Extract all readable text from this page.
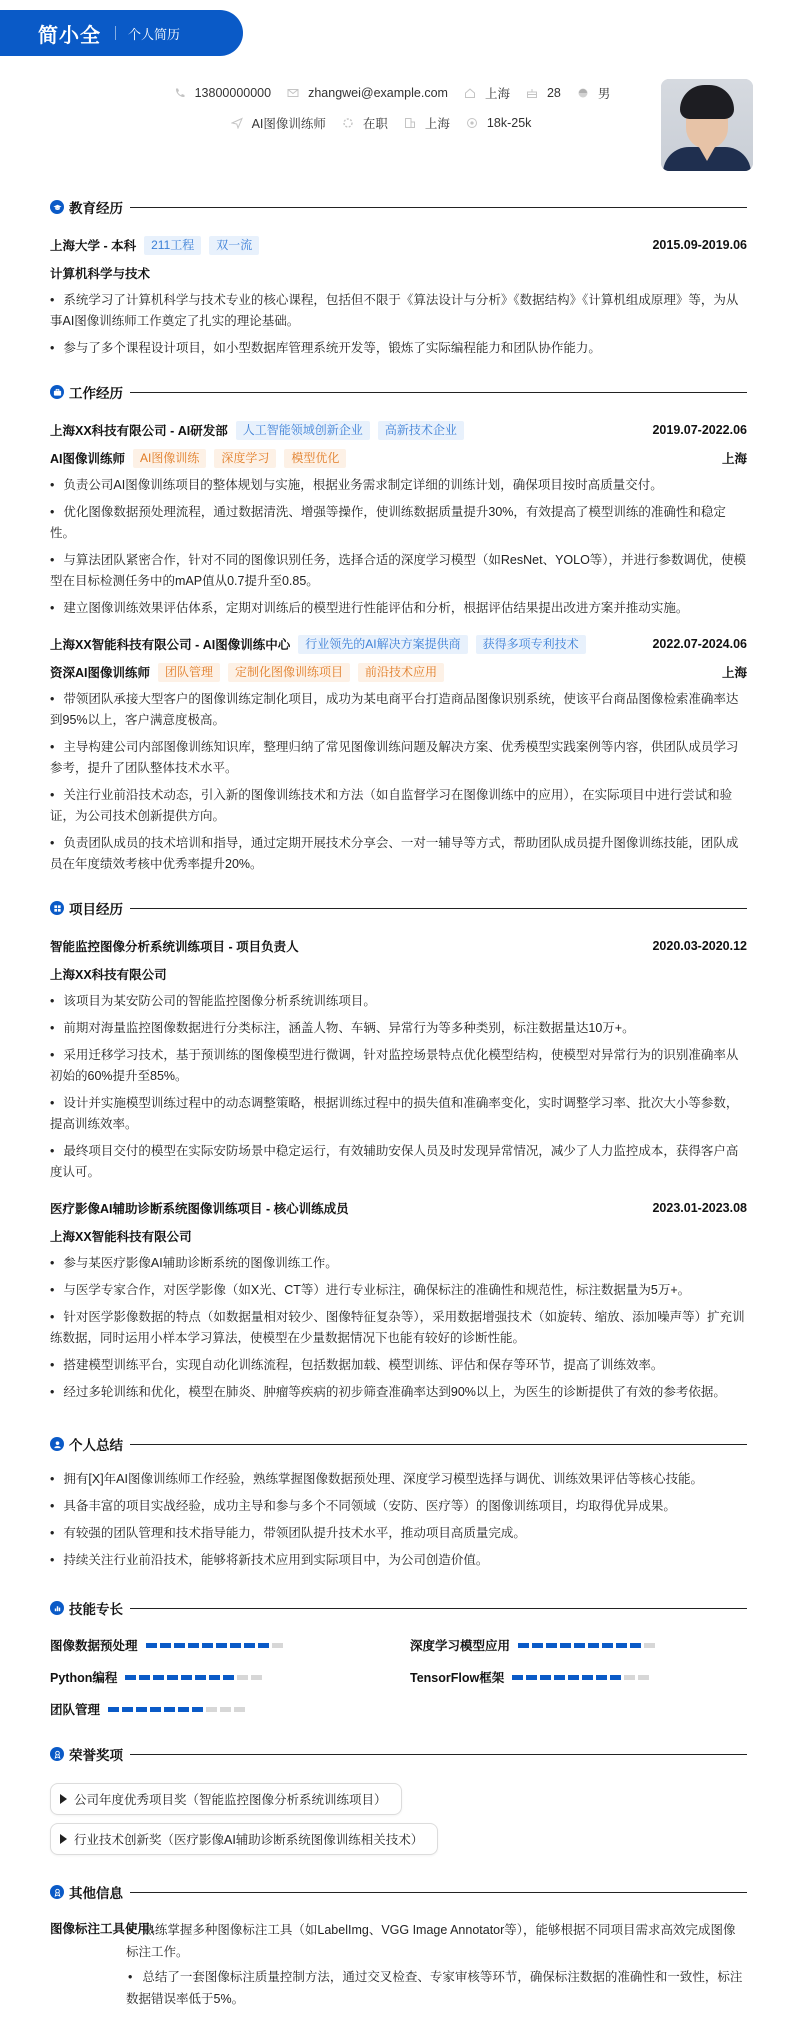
简小全 个人简历
13800000000	zhangwei@example.com	上海	28	男
AI图像训练师	在职	上海	18k-25k
教育经历
上海大学 - 本科	211工程	双一流	2015.09-2019.06
计算机科学与技术
• 系统学习了计算机科学与技术专业的核心课程，包括但不限于《算法设计与分析》《数据结构》《计算机组成原理》等，为从事AI图像训练师工作奠定了扎实的理论基础。
• 参与了多个课程设计项目，如小型数据库管理系统开发等，锻炼了实际编程能力和团队协作能力。
工作经历
上海XX科技有限公司 - AI研发部	人工智能领域创新企业	高新技术企业	2019.07-2022.06
AI图像训练师	AI图像训练	深度学习	模型优化	上海
• 负责公司AI图像训练项目的整体规划与实施，根据业务需求制定详细的训练计划，确保项目按时高质量交付。
• 优化图像数据预处理流程，通过数据清洗、增强等操作，使训练数据质量提升30%，有效提高了模型训练的准确性和稳定性。
• 与算法团队紧密合作，针对不同的图像识别任务，选择合适的深度学习模型（如ResNet、YOLO等），并进行参数调优，使模型在目标检测任务中的mAP值从0.7提升至0.85。
• 建立图像训练效果评估体系，定期对训练后的模型进行性能评估和分析，根据评估结果提出改进方案并推动实施。
上海XX智能科技有限公司 - AI图像训练中心	行业领先的AI解决方案提供商	获得多项专利技术	2022.07-2024.06
资深AI图像训练师	团队管理	定制化图像训练项目	前沿技术应用	上海
• 带领团队承接大型客户的图像训练定制化项目，成功为某电商平台打造商品图像识别系统，使该平台商品图像检索准确率达到95%以上，客户满意度极高。
• 主导构建公司内部图像训练知识库，整理归纳了常见图像训练问题及解决方案、优秀模型实践案例等内容，供团队成员学习参考，提升了团队整体技术水平。
• 关注行业前沿技术动态，引入新的图像训练技术和方法（如自监督学习在图像训练中的应用），在实际项目中进行尝试和验证，为公司技术创新提供方向。
• 负责团队成员的技术培训和指导，通过定期开展技术分享会、一对一辅导等方式，帮助团队成员提升图像训练技能，团队成员在年度绩效考核中优秀率提升20%。
项目经历
智能监控图像分析系统训练项目 - 项目负责人	2020.03-2020.12
上海XX科技有限公司
• 该项目为某安防公司的智能监控图像分析系统训练项目。
• 前期对海量监控图像数据进行分类标注，涵盖人物、车辆、异常行为等多种类别，标注数据量达10万+。
• 采用迁移学习技术，基于预训练的图像模型进行微调，针对监控场景特点优化模型结构，使模型对异常行为的识别准确率从初始的60%提升至85%。
• 设计并实施模型训练过程中的动态调整策略，根据训练过程中的损失值和准确率变化，实时调整学习率、批次大小等参数，提高训练效率。
• 最终项目交付的模型在实际安防场景中稳定运行，有效辅助安保人员及时发现异常情况，减少了人力监控成本，获得客户高度认可。
医疗影像AI辅助诊断系统图像训练项目 - 核心训练成员	2023.01-2023.08
上海XX智能科技有限公司
• 参与某医疗影像AI辅助诊断系统的图像训练工作。
• 与医学专家合作，对医学影像（如X光、CT等）进行专业标注，确保标注的准确性和规范性，标注数据量为5万+。
• 针对医学影像数据的特点（如数据量相对较少、图像特征复杂等），采用数据增强技术（如旋转、缩放、添加噪声等）扩充训练数据，同时运用小样本学习算法，使模型在少量数据情况下也能有较好的诊断性能。
• 搭建模型训练平台，实现自动化训练流程，包括数据加载、模型训练、评估和保存等环节，提高了训练效率。
• 经过多轮训练和优化，模型在肺炎、肿瘤等疾病的初步筛查准确率达到90%以上，为医生的诊断提供了有效的参考依据。
个人总结
• 拥有[X]年AI图像训练师工作经验，熟练掌握图像数据预处理、深度学习模型选择与调优、训练效果评估等核心技能。
• 具备丰富的项目实战经验，成功主导和参与多个不同领域（安防、医疗等）的图像训练项目，均取得优异成果。
• 有较强的团队管理和技术指导能力，带领团队提升技术水平，推动项目高质量完成。
• 持续关注行业前沿技术，能够将新技术应用到实际项目中，为公司创造价值。
技能专长
图像数据预处理	深度学习模型应用
Python编程	TensorFlow框架
团队管理
荣誉奖项
公司年度优秀项目奖（智能监控图像分析系统训练项目）
行业技术创新奖（医疗影像AI辅助诊断系统图像训练相关技术）
其他信息
图像标注工具使用:
• 熟练掌握多种图像标注工具（如LabelImg、VGG Image Annotator等），能够根据不同项目需求高效完成图像标注工作。
• 总结了一套图像标注质量控制方法，通过交叉检查、专家审核等环节，确保标注数据的准确性和一致性，标注数据错误率低于5%。
